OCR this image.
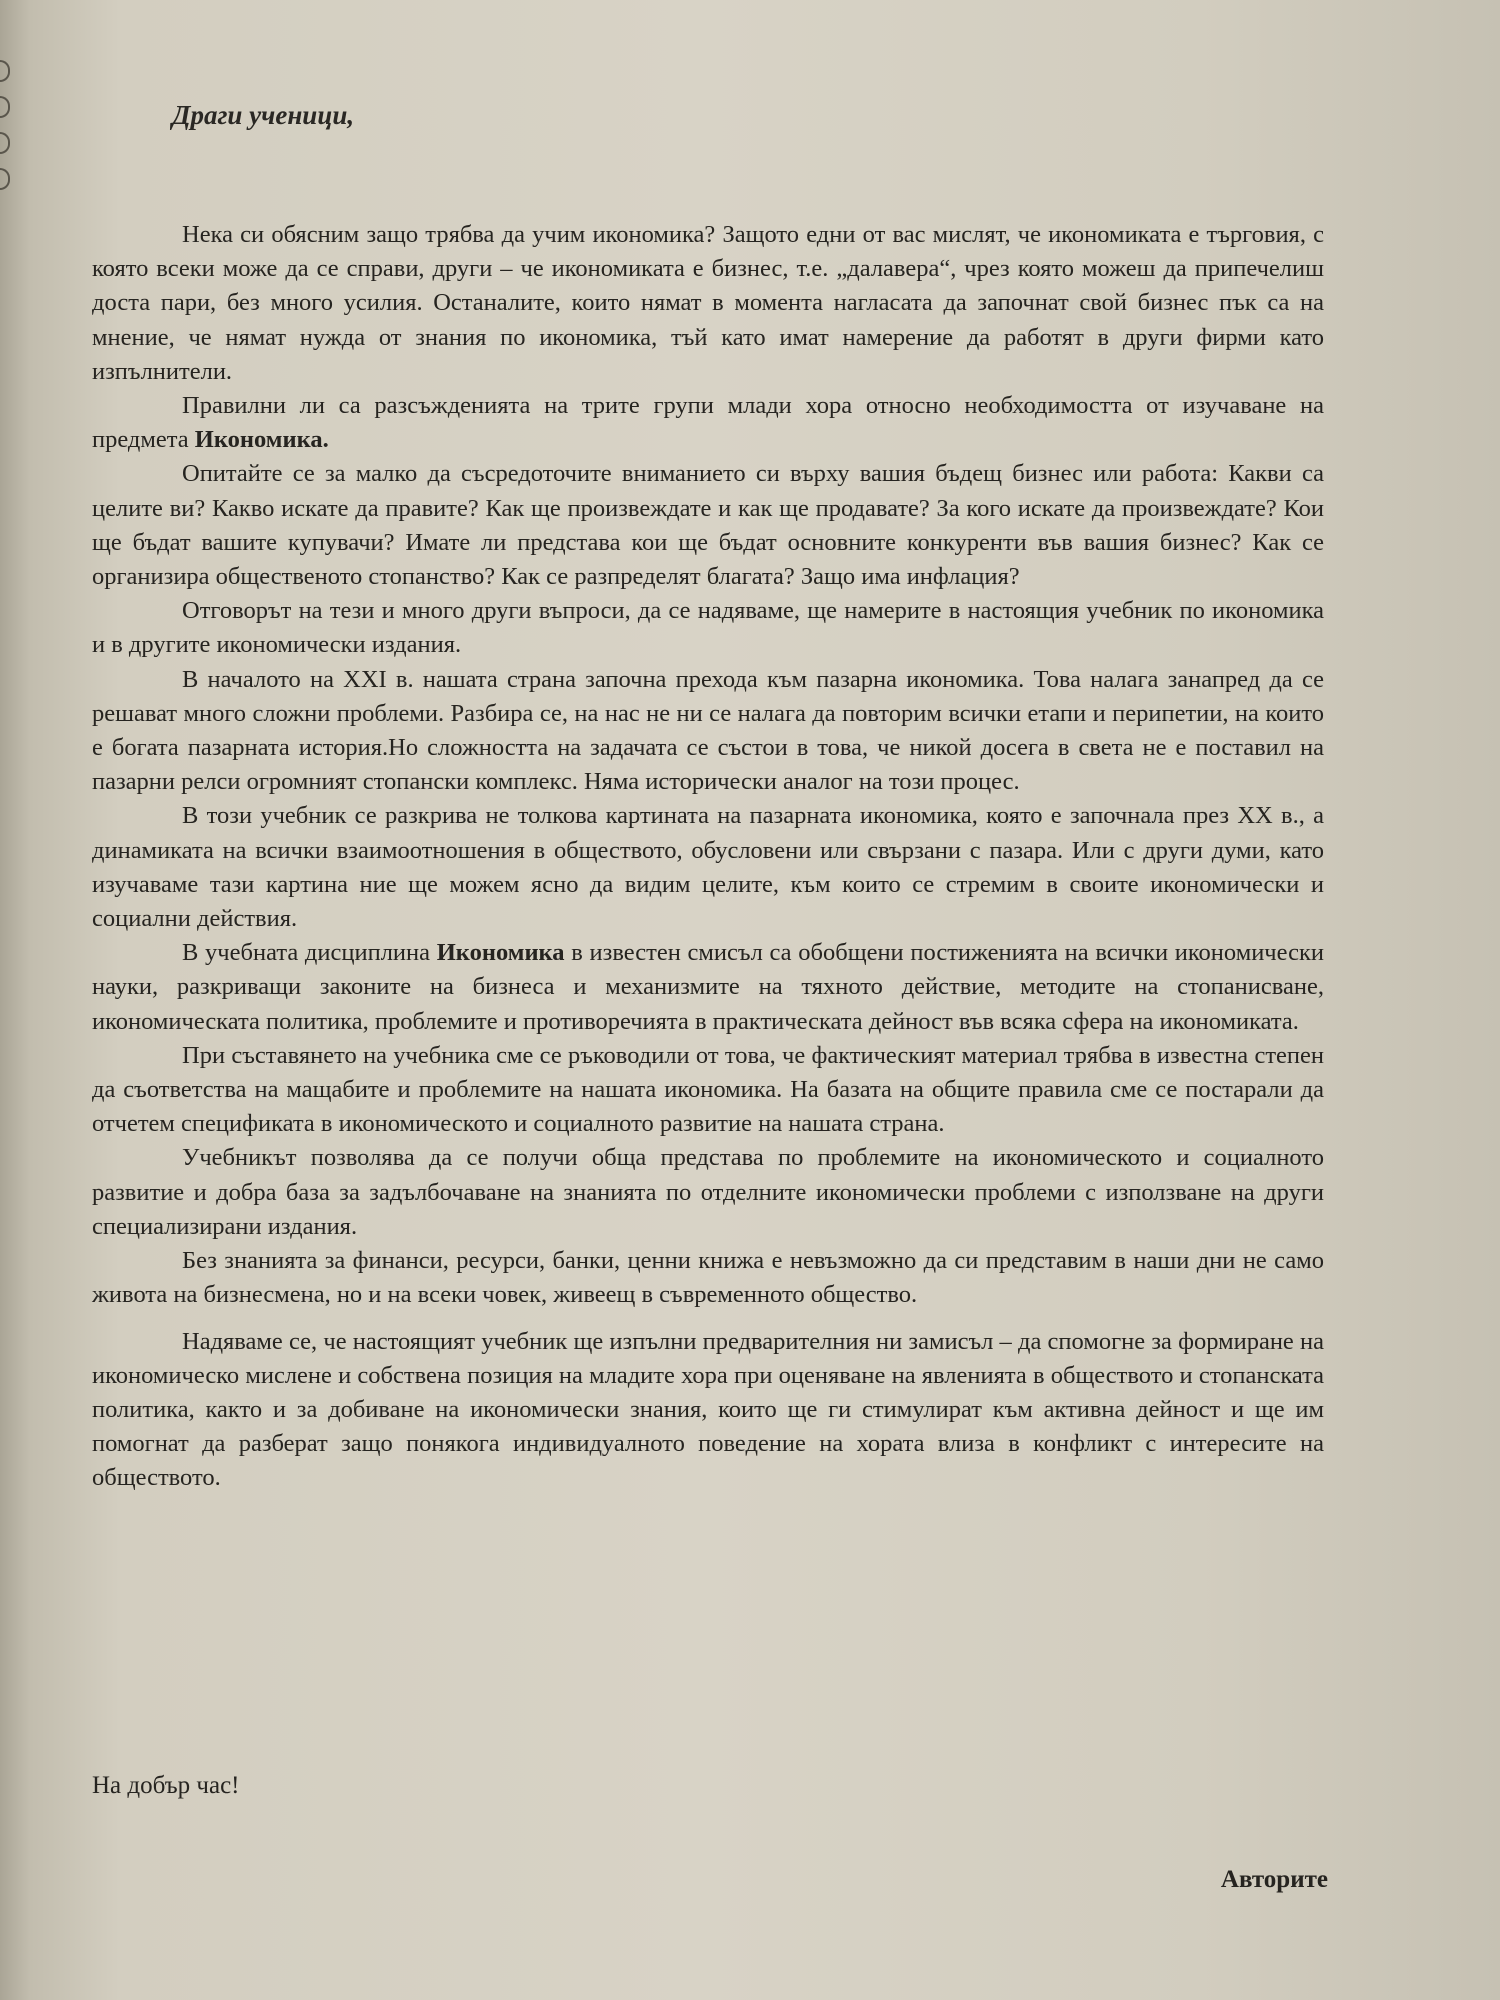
Драги ученици,

Нека си обясним защо трябва да учим икономика? Защото едни от вас мислят, че икономиката е търговия, с която всеки може да се справи, други – че икономиката е бизнес, т.е. „далавера“, чрез която можеш да припечелиш доста пари, без много усилия. Останалите, които нямат в момента нагласата да започнат свой бизнес пък са на мнение, че нямат нужда от знания по икономика, тъй като имат намерение да работят в други фирми като изпълнители.

Правилни ли са разсъжденията на трите групи млади хора относно необходимостта от изучаване на предмета Икономика.

Опитайте се за малко да съсредоточите вниманието си върху вашия бъдещ бизнес или работа: Какви са целите ви? Какво искате да правите? Как ще произвеждате и как ще продавате? За кого искате да произвеждате? Кои ще бъдат вашите купувачи? Имате ли представа кои ще бъдат основните конкуренти във вашия бизнес? Как се организира общественото стопанство? Как се разпределят благата? Защо има инфлация?

Отговорът на тези и много други въпроси, да се надяваме, ще намерите в настоящия учебник по икономика и в другите икономически издания.

В началото на XXI в. нашата страна започна прехода към пазарна икономика. Това налага занапред да се решават много сложни проблеми. Разбира се, на нас не ни се налага да повторим всички етапи и перипетии, на които е богата пазарната история.Но сложността на задачата се състои в това, че никой досега в света не е поставил на пазарни релси огромният стопански комплекс. Няма исторически аналог на този процес.

В този учебник се разкрива не толкова картината на пазарната икономика, която е започнала през XX в., а динамиката на всички взаимоотношения в обществото, обусловени или свързани с пазара. Или с други думи, като изучаваме тази картина ние ще можем ясно да видим целите, към които се стремим в своите икономически и социални действия.

В учебната дисциплина Икономика в известен смисъл са обобщени постиженията на всички икономически науки, разкриващи законите на бизнеса и механизмите на тяхното действие, методите на стопанисване, икономическата политика, проблемите и противоречията в практическата дейност във всяка сфера на икономиката.

При съставянето на учебника сме се ръководили от това, че фактическият материал трябва в известна степен да съответства на мащабите и проблемите на нашата икономика. На базата на общите правила сме се постарали да отчетем спецификата в икономическото и социалното развитие на нашата страна.

Учебникът позволява да се получи обща представа по проблемите на икономическото и социалното развитие и добра база за задълбочаване на знанията по отделните икономически проблеми с използване на други специализирани издания.

Без знанията за финанси, ресурси, банки, ценни книжа е невъзможно да си представим в наши дни не само живота на бизнесмена, но и на всеки човек, живеещ в съвременното общество.

Надяваме се, че настоящият учебник ще изпълни предварителния ни замисъл – да спомогне за формиране на икономическо мислене и собствена позиция на младите хора при оценяване на явленията в обществото и стопанската политика, както и за добиване на икономически знания, които ще ги стимулират към активна дейност и ще им помогнат да разберат защо понякога индивидуалното поведение на хората влиза в конфликт с интересите на обществото.

На добър час!
Авторите
